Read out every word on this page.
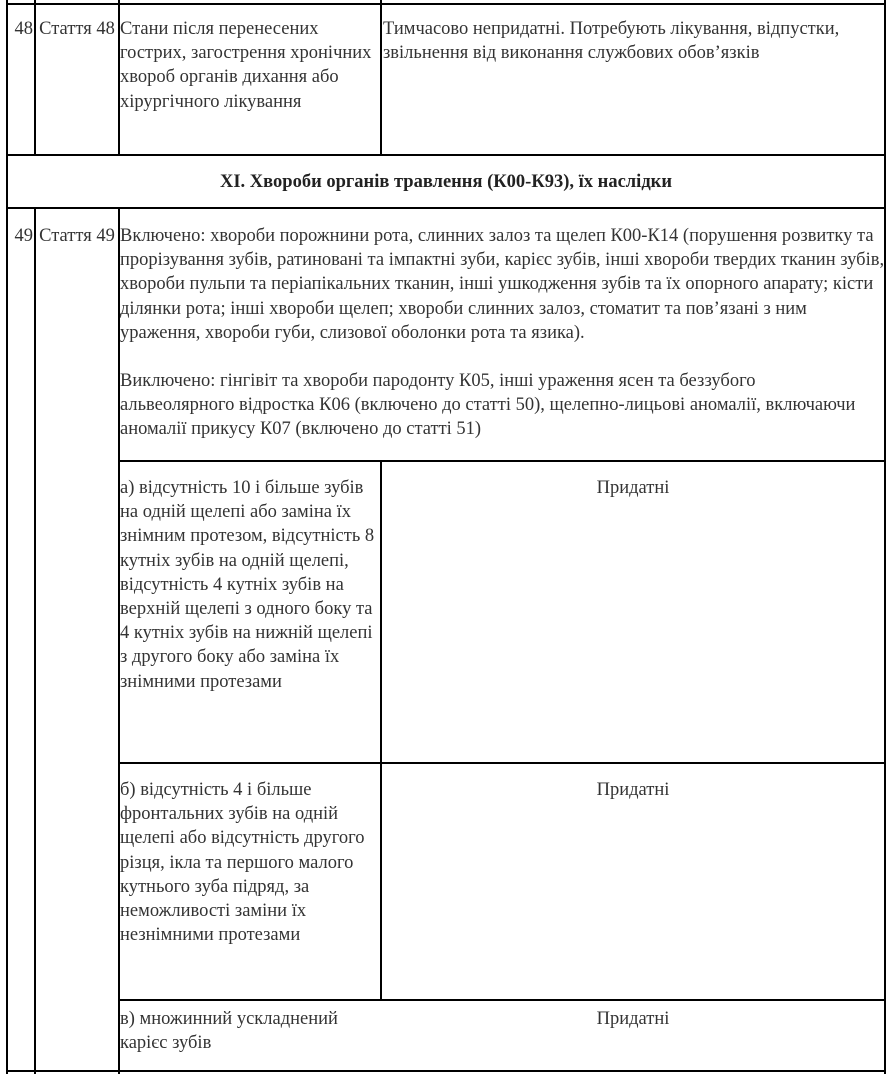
48 Стаття 48 Стани після перенесених гострих, загострення хронічних хвороб органів дихання або хірургічного лікування
Тимчасово непридатні. Потребують лікування, відпустки, звільнення від виконання службових обов’язків
XI. Хвороби органів травлення (К00-К93), їх наслідки
49 Стаття 49 Включено: хвороби порожнини рота, слинних залоз та щелеп К00-К14 (порушення розвитку та прорізування зубів, ратиновані та імпактні зуби, карієс зубів, інші хвороби твердих тканин зубів, хвороби пульпи та періапікальних тканин, інші ушкодження зубів та їх опорного апарату; кісти ділянки рота; інші хвороби щелеп; хвороби слинних залоз, стоматит та пов’язані з ним ураження, хвороби губи, слизової оболонки рота та язика).
Виключено: гінгівіт та хвороби пародонту К05, інші ураження ясен та беззубого альвеолярного відростка К06 (включено до статті 50), щелепно-лицьові аномалії, включаючи аномалії прикусу К07 (включено до статті 51)
а) відсутність 10 і більше зубів на одній щелепі або заміна їх знімним протезом, відсутність 8 кутніх зубів на одній щелепі, відсутність 4 кутніх зубів на верхній щелепі з одного боку та 4 кутніх зубів на нижній щелепі з другого боку або заміна їх знімними протезами
Придатні
б) відсутність 4 і більше фронтальних зубів на одній щелепі або відсутність другого різця, ікла та першого малого кутнього зуба підряд, за неможливості заміни їх незнімними протезами
Придатні
в) множинний ускладнений карієс зубів
Придатні
